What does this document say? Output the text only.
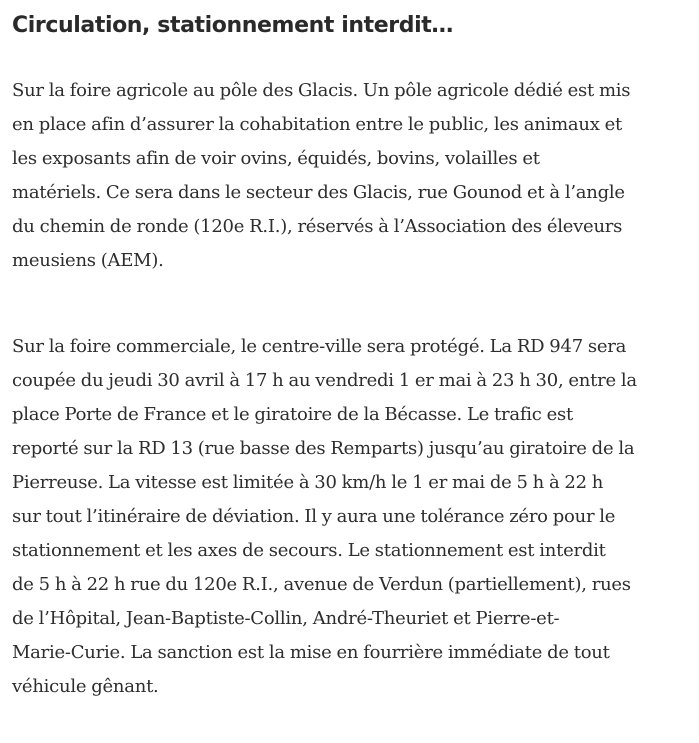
Circulation, stationnement interdit…

Sur la foire agricole au pôle des Glacis. Un pôle agricole dédié est mis
en place afin d’assurer la cohabitation entre le public, les animaux et
les exposants afin de voir ovins, équidés, bovins, volailles et
matériels. Ce sera dans le secteur des Glacis, rue Gounod et à l’angle
du chemin de ronde (120e R.I.), réservés à l’Association des éleveurs
meusiens (AEM).

Sur la foire commerciale, le centre-ville sera protégé. La RD 947 sera
coupée du jeudi 30 avril à 17 h au vendredi 1 er mai à 23 h 30, entre la
place Porte de France et le giratoire de la Bécasse. Le trafic est
reporté sur la RD 13 (rue basse des Remparts) jusqu’au giratoire de la
Pierreuse. La vitesse est limitée à 30 km/h le 1 er mai de 5 h à 22 h
sur tout l’itinéraire de déviation. Il y aura une tolérance zéro pour le
stationnement et les axes de secours. Le stationnement est interdit
de 5 h à 22 h rue du 120e R.I., avenue de Verdun (partiellement), rues
de l’Hôpital, Jean-Baptiste-Collin, André-Theuriet et Pierre-et-
Marie-Curie. La sanction est la mise en fourrière immédiate de tout
véhicule gênant.
